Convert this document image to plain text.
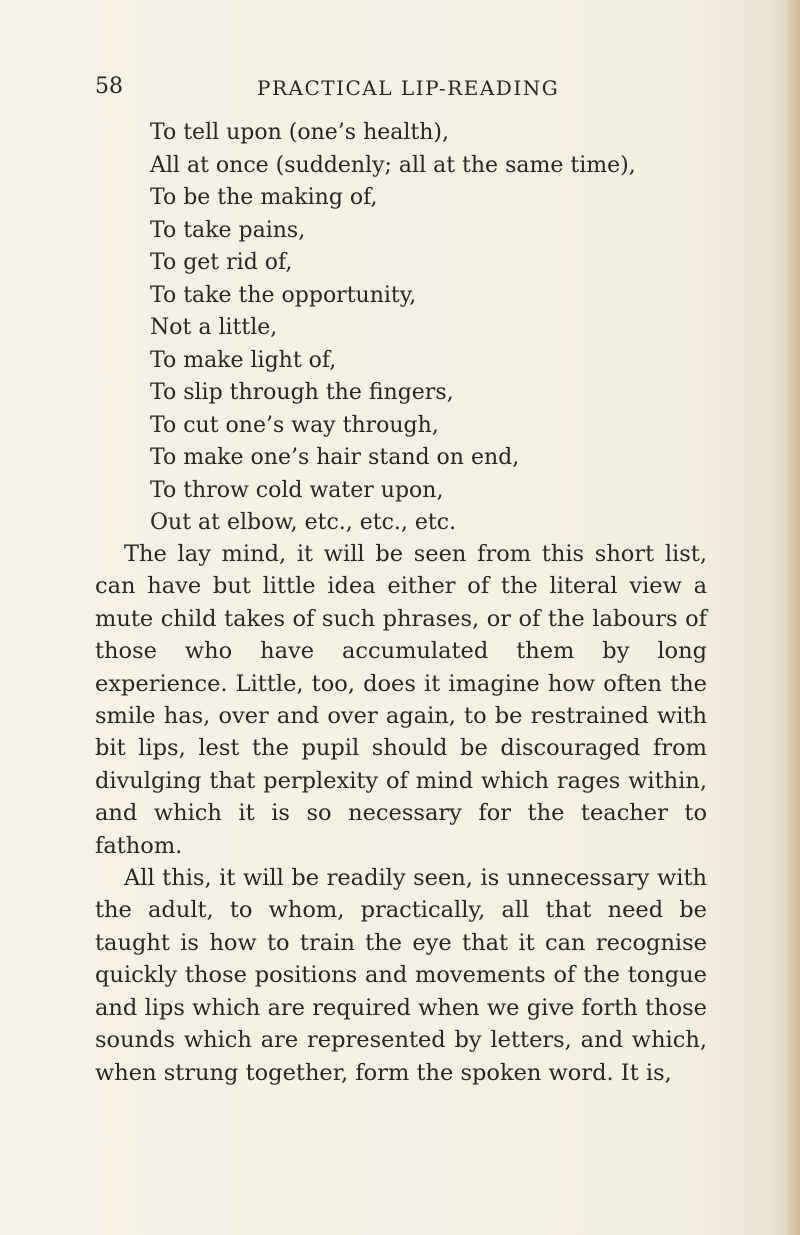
58	PRACTICAL LIP-READING
To tell upon (one’s health),
All at once (suddenly; all at the same time),
To be the making of,
To take pains,
To get rid of,
To take the opportunity,
Not a little,
To make light of,
To slip through the fingers,
To cut one’s way through,
To make one’s hair stand on end,
To throw cold water upon,
Out at elbow, etc., etc., etc.

The lay mind, it will be seen from this short list, can have but little idea either of the literal view a mute child takes of such phrases, or of the labours of those who have accumulated them by long experience. Little, too, does it imagine how often the smile has, over and over again, to be restrained with bit lips, lest the pupil should be discouraged from divulging that perplexity of mind which rages within, and which it is so necessary for the teacher to fathom.

All this, it will be readily seen, is unnecessary with the adult, to whom, practically, all that need be taught is how to train the eye that it can recognise quickly those positions and movements of the tongue and lips which are required when we give forth those sounds which are represented by letters, and which, when strung together, form the spoken word. It is,
